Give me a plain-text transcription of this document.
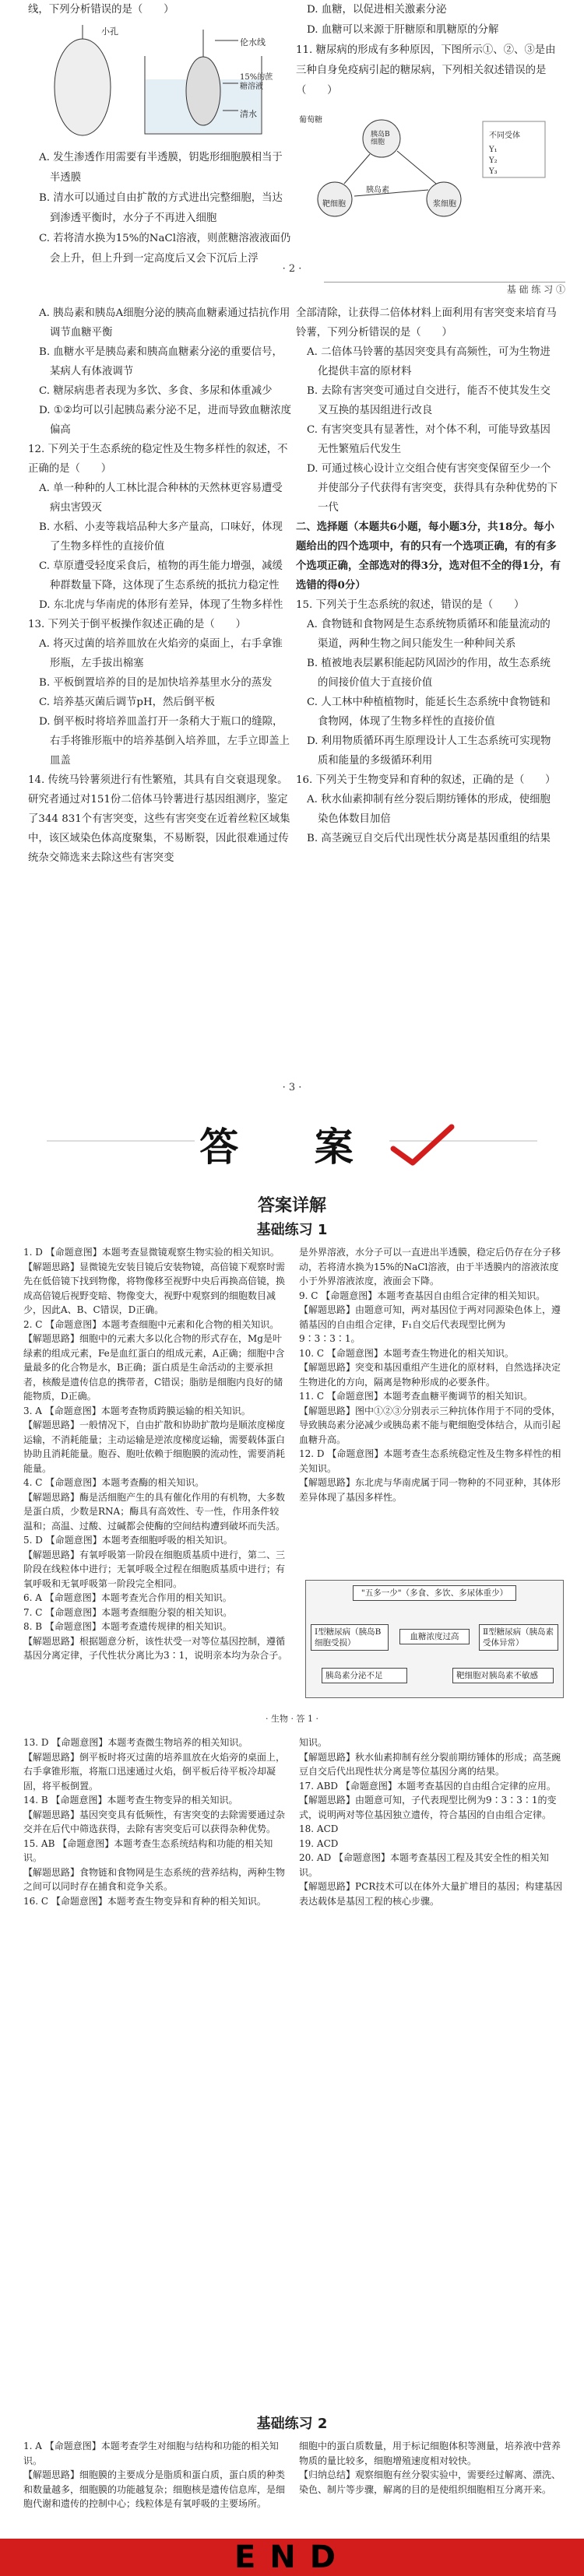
线，下列分析错误的是（　　）

小孔
伦水线
15%的蔗糖溶液
清水

A. 发生渗透作用需要有半透膜，钥匙形细胞膜相当于半透膜

B. 清水可以通过自由扩散的方式进出完整细胞，当达到渗透平衡时，水分子不再进入细胞

C. 若将清水换为15%的NaCl溶液，则蔗糖溶液液面仍会上升，但上升到一定高度后又会下沉后上浮

D. 血糖，以促进相关激素分泌

D. 血糖可以来源于肝糖原和肌糖原的分解

11. 糖尿病的形成有多种原因，下图所示①、②、③是由三种自身免疫病引起的糖尿病，下列相关叙述错误的是（　　）

胰岛B细胞
葡萄糖
靶细胞
胰岛素
浆细胞
不同受体
Y₁
Y₂
Y₃
· 2 ·
基 础 练 习 ①

A. 胰岛素和胰岛A细胞分泌的胰高血糖素通过拮抗作用调节血糖平衡

B. 血糖水平是胰岛素和胰高血糖素分泌的重要信号，某病人有体液调节

C. 糖尿病患者表现为多饮、多食、多尿和体重减少

D. ①②均可以引起胰岛素分泌不足，进而导致血糖浓度偏高

12. 下列关于生态系统的稳定性及生物多样性的叙述，不正确的是（　　）

A. 单一种种的人工林比混合种林的天然林更容易遭受病虫害毁灭

B. 水稻、小麦等栽培品种大多产量高，口味好，体现了生物多样性的直接价值

C. 草原遭受轻度采食后，植物的再生能力增强，减缓种群数量下降，这体现了生态系统的抵抗力稳定性

D. 东北虎与华南虎的体形有差异，体现了生物多样性

13. 下列关于倒平板操作叙述正确的是（　　）

A. 将灭过菌的培养皿放在火焰旁的桌面上，右手拿锥形瓶，左手拔出棉塞

B. 平板倒置培养的目的是加快培养基里水分的蒸发

C. 培养基灭菌后调节pH，然后倒平板

D. 倒平板时将培养皿盖打开一条稍大于瓶口的缝隙，右手将锥形瓶中的培养基倒入培养皿，左手立即盖上皿盖

14. 传统马铃薯须进行有性繁殖，其具有自交衰退现象。研究者通过对151份二倍体马铃薯进行基因组测序，鉴定了344 831个有害突变，这些有害突变在近着丝粒区域集中，该区域染色体高度聚集，不易断裂，因此很难通过传统杂交筛选来去除这些有害突变

全部清除，让获得二倍体材料上面利用有害突变来培育马铃薯，下列分析错误的是（　　）

A. 二倍体马铃薯的基因突变具有高频性，可为生物进化提供丰富的原材料

B. 去除有害突变可通过自交进行，能否不使其发生交叉互换的基因组进行改良

C. 有害突变具有显著性，对个体不利，可能导致基因无性繁殖后代发生

D. 可通过核心设计立交组合使有害突变保留至少一个并使部分子代获得有害突变，获得具有杂种优势的下一代

二、选择题（本题共6小题，每小题3分，共18分。每小题给出的四个选项中，有的只有一个选项正确，有的有多个选项正确，全部选对的得3分，选对但不全的得1分，有选错的得0分）

15. 下列关于生态系统的叙述，错误的是（　　）

A. 食物链和食物网是生态系统物质循环和能量流动的渠道，两种生物之间只能发生一种种间关系

B. 植被地表层累积能起防风固沙的作用，故生态系统的间接价值大于直接价值

C. 人工林中种植植物时，能延长生态系统中食物链和食物网，体现了生物多样性的直接价值

D. 利用物质循环再生原理设计人工生态系统可实现物质和能量的多级循环利用

16. 下列关于生物变异和育种的叙述，正确的是（　　）

A. 秋水仙素抑制有丝分裂后期纺锤体的形成，使细胞染色体数目加倍

B. 高茎豌豆自交后代出现性状分离是基因重组的结果

· 3 ·
答 案
答案详解
基础练习 1

1. D 【命题意图】本题考查显微镜观察生物实验的相关知识。

【解题思路】显微镜先安装目镜后安装物镜，高倍镜下观察时需先在低倍镜下找到物像，将物像移至视野中央后再换高倍镜，换成高倍镜后视野变暗、物像变大，视野中观察到的细胞数目减少，因此A、B、C错误，D正确。

2. C 【命题意图】本题考查细胞中元素和化合物的相关知识。

【解题思路】细胞中的元素大多以化合物的形式存在，Mg是叶绿素的组成元素，Fe是血红蛋白的组成元素，A正确；细胞中含量最多的化合物是水，B正确；蛋白质是生命活动的主要承担者，核酸是遗传信息的携带者，C错误；脂肪是细胞内良好的储能物质，D正确。

3. A 【命题意图】本题考查物质跨膜运输的相关知识。

【解题思路】一般情况下，自由扩散和协助扩散均是顺浓度梯度运输，不消耗能量；主动运输是逆浓度梯度运输，需要载体蛋白协助且消耗能量。胞吞、胞吐依赖于细胞膜的流动性，需要消耗能量。

4. C 【命题意图】本题考查酶的相关知识。

【解题思路】酶是活细胞产生的具有催化作用的有机物，大多数是蛋白质，少数是RNA；酶具有高效性、专一性，作用条件较温和；高温、过酸、过碱都会使酶的空间结构遭到破坏而失活。

5. D 【命题意图】本题考查细胞呼吸的相关知识。

【解题思路】有氧呼吸第一阶段在细胞质基质中进行，第二、三阶段在线粒体中进行；无氧呼吸全过程在细胞质基质中进行；有氧呼吸和无氧呼吸第一阶段完全相同。

6. A 【命题意图】本题考查光合作用的相关知识。

7. C 【命题意图】本题考查细胞分裂的相关知识。

8. B 【命题意图】本题考查遗传规律的相关知识。

【解题思路】根据题意分析，该性状受一对等位基因控制，遵循基因分离定律，子代性状分离比为3∶1，说明亲本均为杂合子。

是外界溶液，水分子可以一直进出半透膜，稳定后仍存在分子移动，若将清水换为15%的NaCl溶液，由于半透膜内的溶液浓度小于外界溶液浓度，液面会下降。

9. C 【命题意图】本题考查基因自由组合定律的相关知识。

【解题思路】由题意可知，两对基因位于两对同源染色体上，遵循基因的自由组合定律，F₁自交后代表现型比例为9∶3∶3∶1。

10. C 【命题意图】本题考查生物进化的相关知识。

【解题思路】突变和基因重组产生进化的原材料，自然选择决定生物进化的方向，隔离是物种形成的必要条件。

11. C 【命题意图】本题考查血糖平衡调节的相关知识。

【解题思路】图中①②③分别表示三种抗体作用于不同的受体，导致胰岛素分泌减少或胰岛素不能与靶细胞受体结合，从而引起血糖升高。

12. D 【命题意图】本题考查生态系统稳定性及生物多样性的相关知识。

【解题思路】东北虎与华南虎属于同一物种的不同亚种，其体形差异体现了基因多样性。

"五多一少"（多食、多饮、多尿体重少）
Ⅰ型糖尿病（胰岛B细胞受损）
血糖浓度过高	Ⅱ型糖尿病（胰岛素受体异常）
胰岛素分泌不足	靶细胞对胰岛素不敏感
· 生物 · 答 1 ·

13. D 【命题意图】本题考查微生物培养的相关知识。

【解题思路】倒平板时将灭过菌的培养皿放在火焰旁的桌面上，右手拿锥形瓶，将瓶口迅速通过火焰，倒平板后待平板冷却凝固，将平板倒置。

14. B 【命题意图】本题考查生物变异的相关知识。

【解题思路】基因突变具有低频性，有害突变的去除需要通过杂交并在后代中筛选获得，去除有害突变后可以获得杂种优势。

15. AB 【命题意图】本题考查生态系统结构和功能的相关知识。

【解题思路】食物链和食物网是生态系统的营养结构，两种生物之间可以同时存在捕食和竞争关系。

16. C 【命题意图】本题考查生物变异和育种的相关知识。

知识。

【解题思路】秋水仙素抑制有丝分裂前期纺锤体的形成；高茎豌豆自交后代出现性状分离是等位基因分离的结果。

17. ABD 【命题意图】本题考查基因的自由组合定律的应用。

【解题思路】由题意可知，子代表现型比例为9∶3∶3∶1的变式，说明两对等位基因独立遗传，符合基因的自由组合定律。

18. ACD

19. ACD

20. AD 【命题意图】本题考查基因工程及其安全性的相关知识。

【解题思路】PCR技术可以在体外大量扩增目的基因；构建基因表达载体是基因工程的核心步骤。

基础练习 2

1. A 【命题意图】本题考查学生对细胞与结构和功能的相关知识。

【解题思路】细胞膜的主要成分是脂质和蛋白质，蛋白质的种类和数量越多，细胞膜的功能越复杂；细胞核是遗传信息库，是细胞代谢和遗传的控制中心；线粒体是有氧呼吸的主要场所。

细胞中的蛋白质数量，用于标记细胞体积等测量，培养液中营养物质的量比较多，细胞增殖速度相对较快。

【归纳总结】观察细胞有丝分裂实验中，需要经过解离、漂洗、染色、制片等步骤，解离的目的是使组织细胞相互分离开来。

END
